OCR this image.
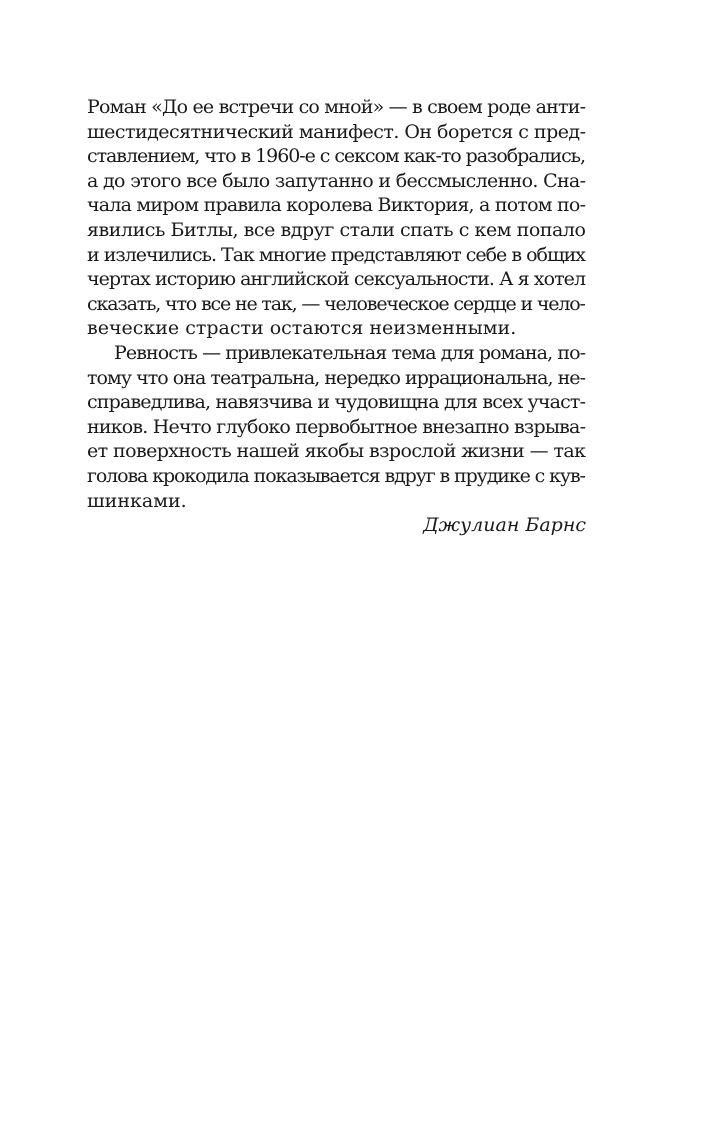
Роман «До ее встречи со мной» — в своем роде анти-
шестидесятнический манифест. Он борется с пред-
ставлением, что в 1960-е с сексом как-то разобрались,
а до этого все было запутанно и бессмысленно. Сна-
чала миром правила королева Виктория, а потом по-
явились Битлы, все вдруг стали спать с кем попало
и излечились. Так многие представляют себе в общих
чертах историю английской сексуальности. А я хотел
сказать, что все не так, — человеческое сердце и чело-
веческие страсти остаются неизменными.
Ревность — привлекательная тема для романа, по-
тому что она театральна, нередко иррациональна, не-
справедлива, навязчива и чудовищна для всех участ-
ников. Нечто глубоко первобытное внезапно взрыва-
ет поверхность нашей якобы взрослой жизни — так
голова крокодила показывается вдруг в прудике с кув-
шинками.
Джулиан Барнс
